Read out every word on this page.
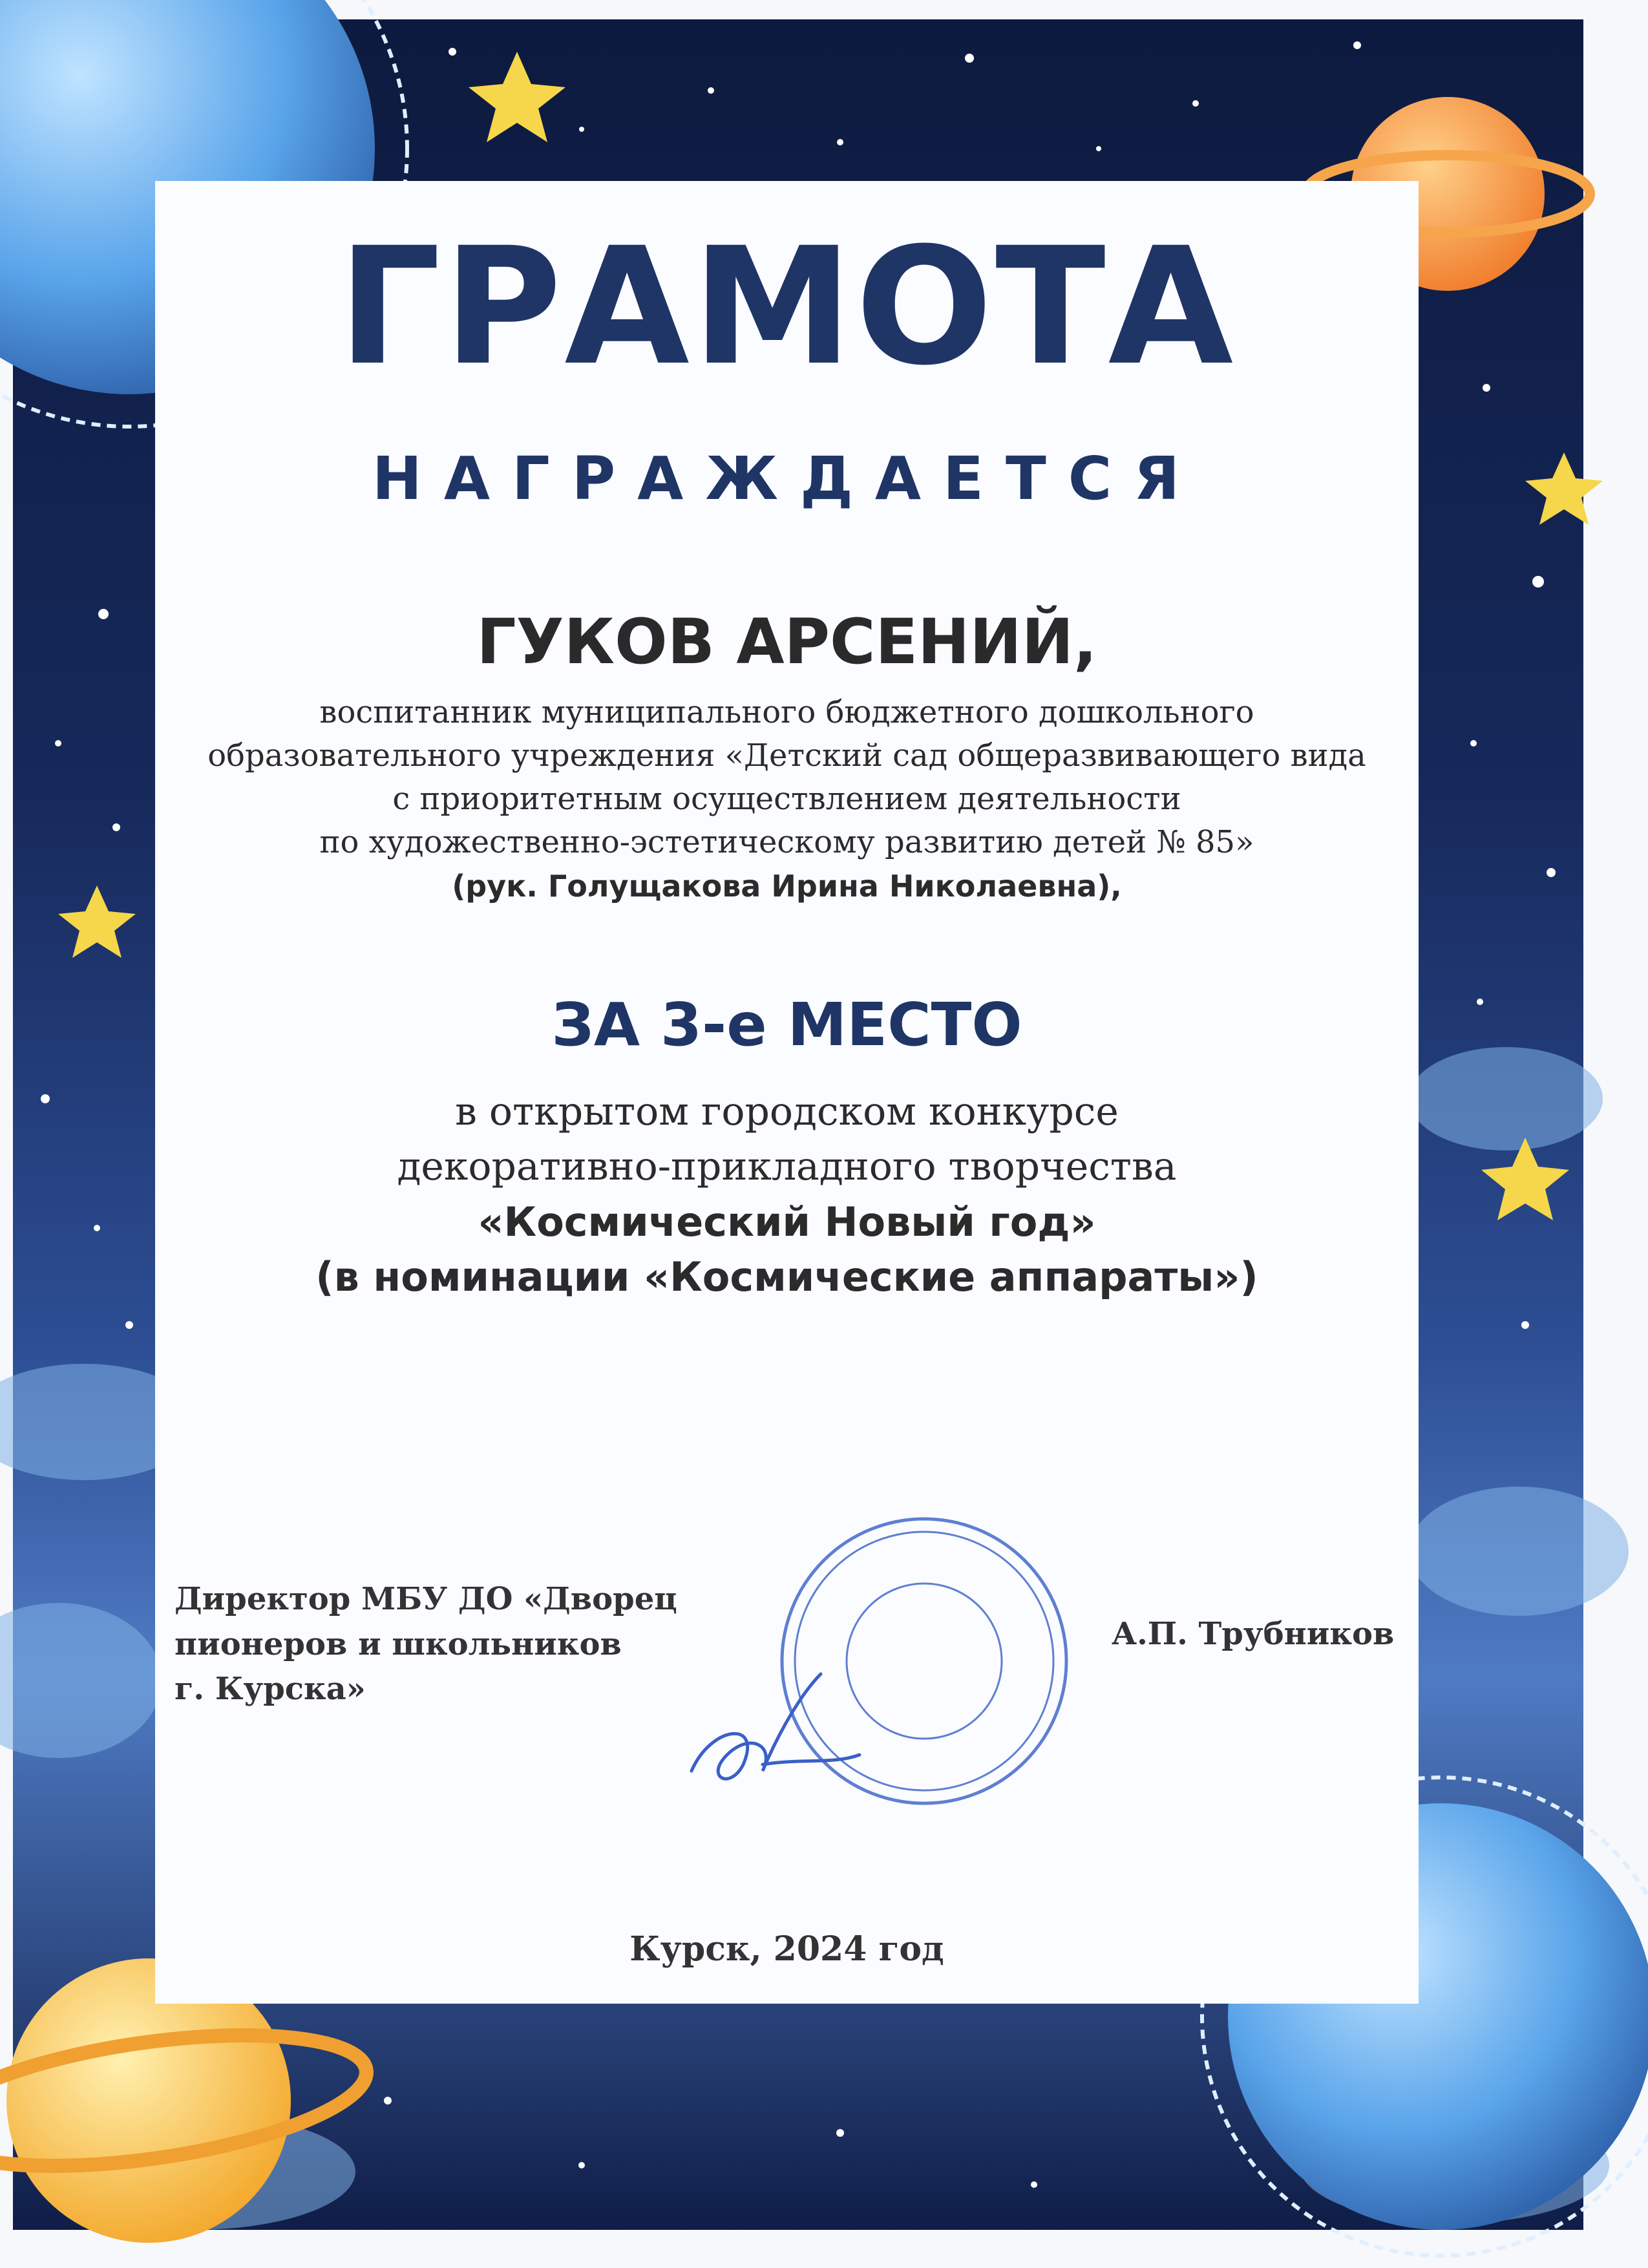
ГРАМОТА
НАГРАЖДАЕТСЯ
ГУКОВ АРСЕНИЙ,
воспитанник муниципального бюджетного дошкольного
образовательного учреждения «Детский сад общеразвивающего вида
с приоритетным осуществлением деятельности
по художественно-эстетическому развитию детей № 85»
(рук. Голущакова Ирина Николаевна),
ЗА 3-е МЕСТО
в открытом городском конкурсе
декоративно-прикладного творчества
«Космический Новый год»
(в номинации «Космические аппараты»)
Директор МБУ ДО «Дворец
пионеров и школьников
г. Курска»
А.П. Трубников
Курск, 2024 год
